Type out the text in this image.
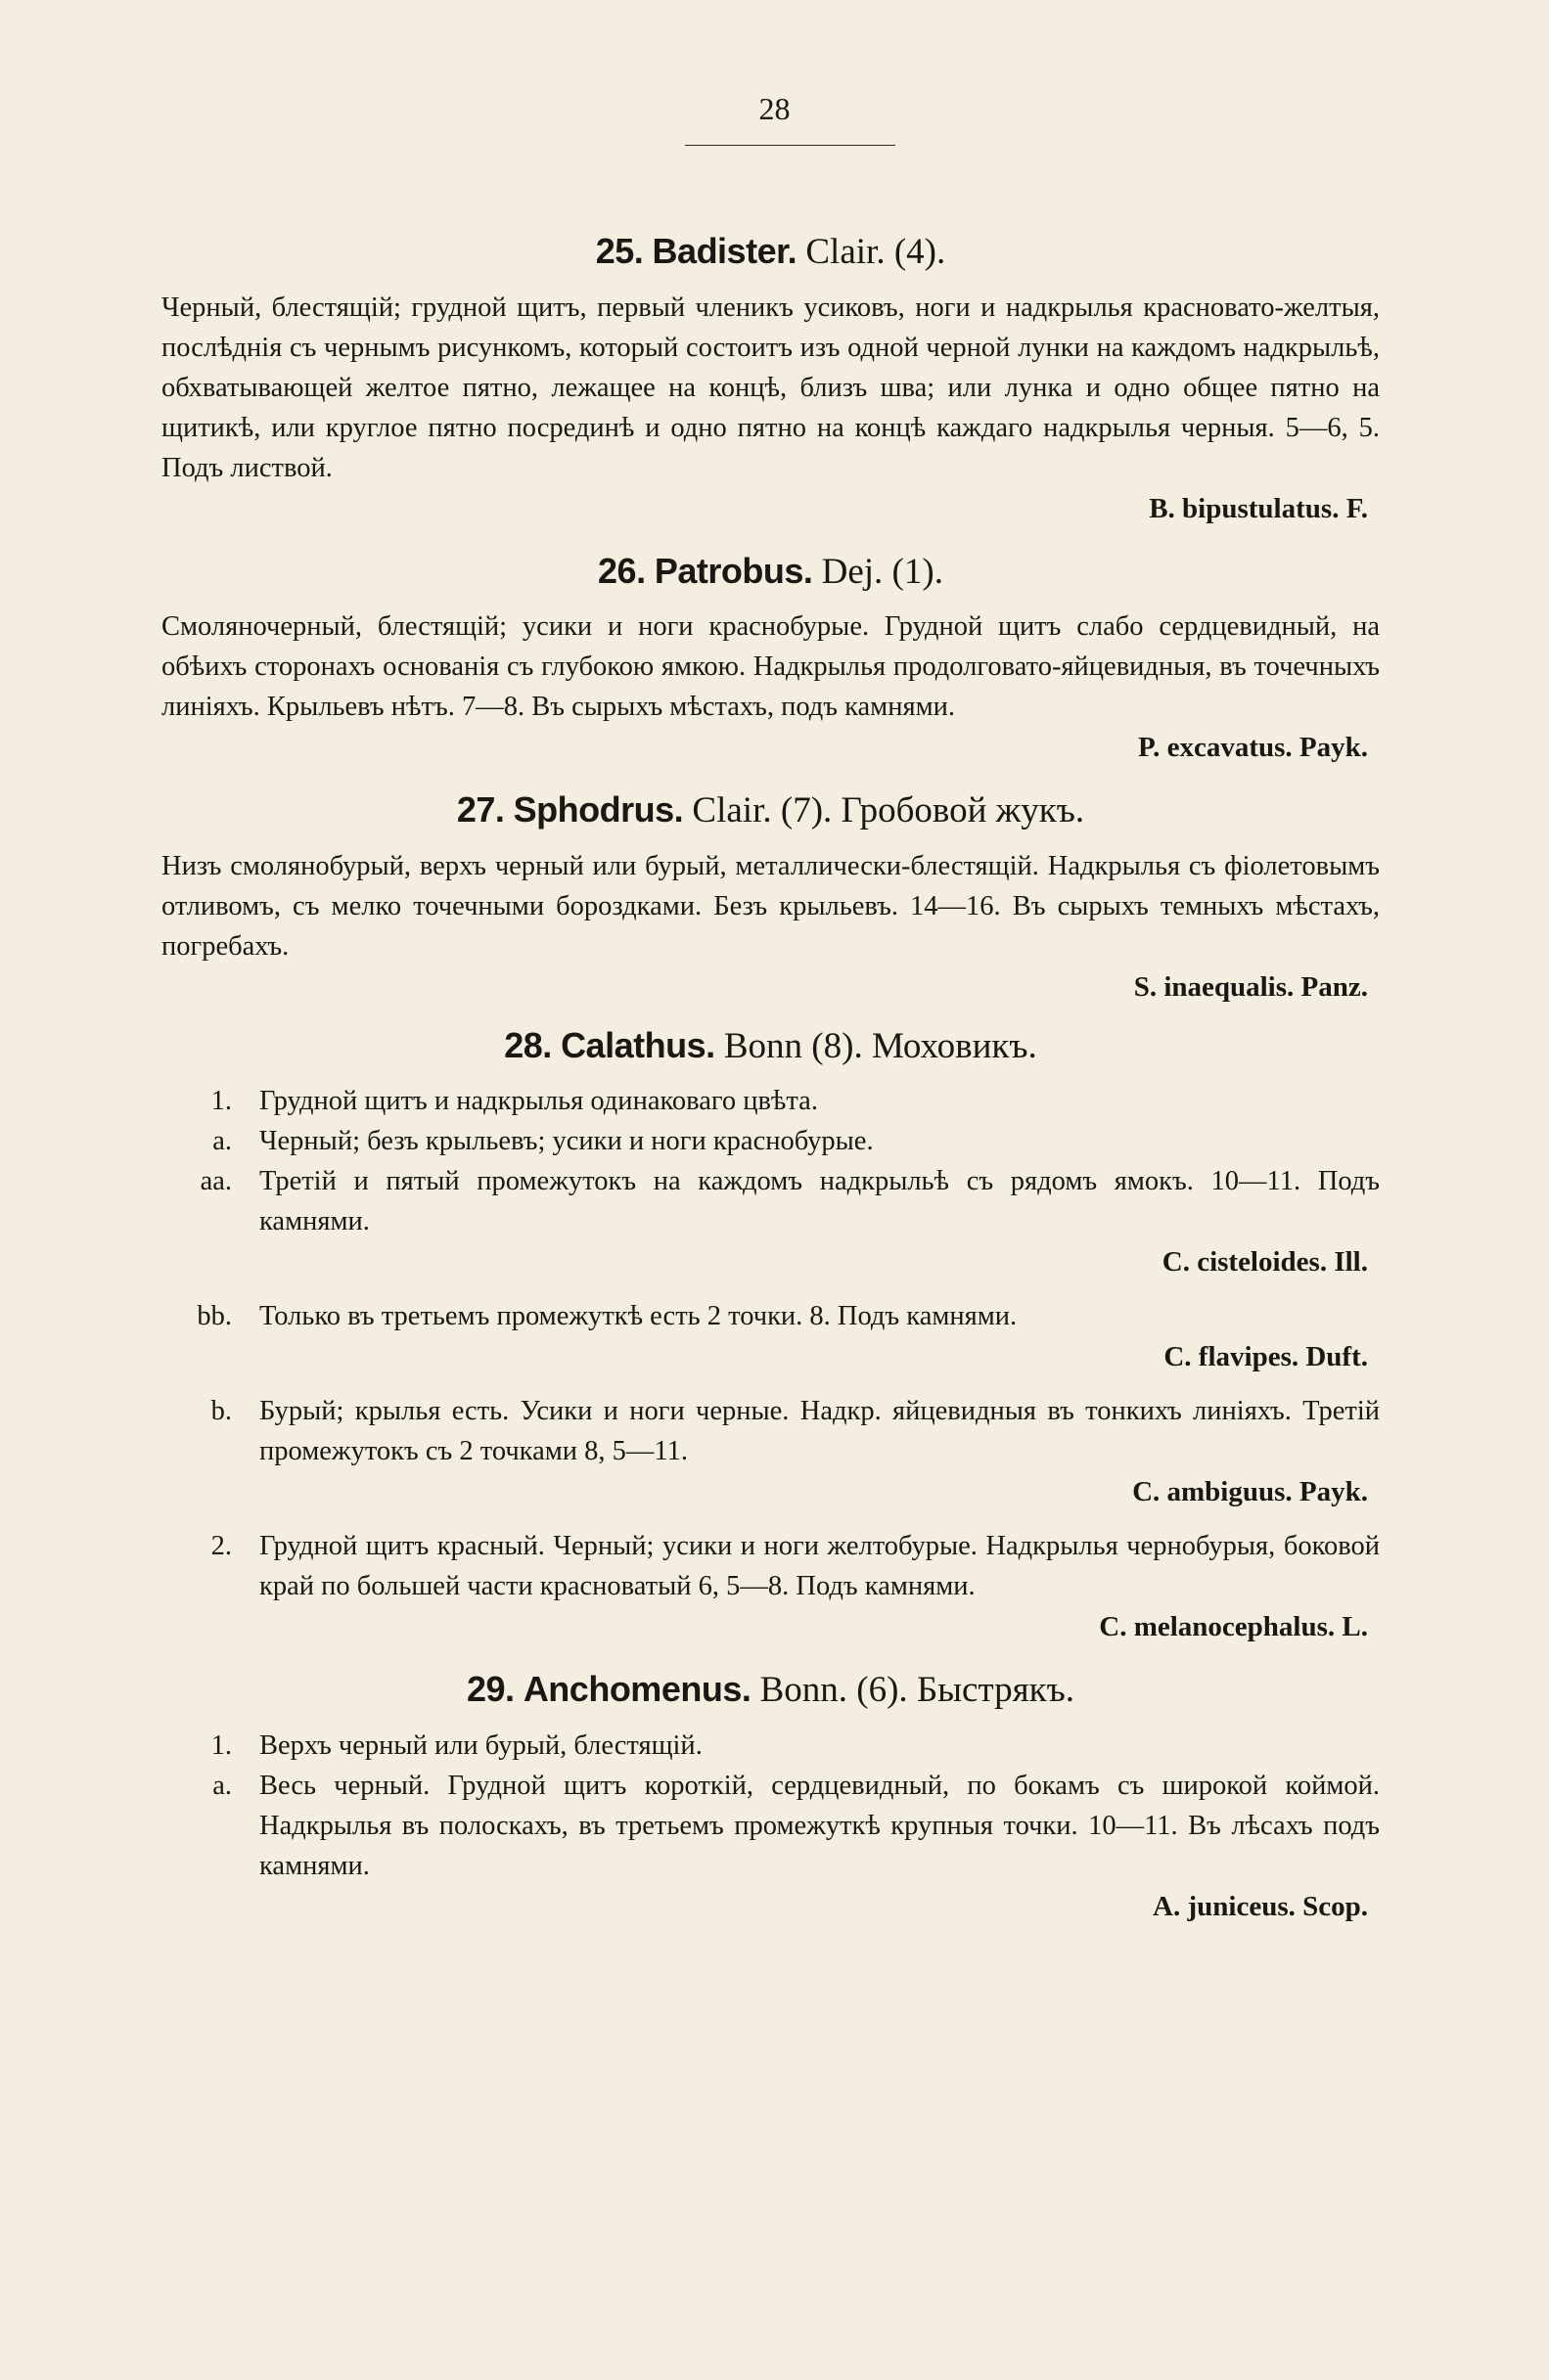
28
25. Badister. Clair. (4).

Черный, блестящій; грудной щитъ, первый членикъ усиковъ, ноги и надкрылья красновато-желтыя, послѣднія съ чернымъ рисункомъ, который состоитъ изъ одной черной лунки на каждомъ надкрыльѣ, обхватывающей желтое пятно, лежащее на концѣ, близъ шва; или лунка и одно общее пятно на щитикѣ, или круглое пятно посрединѣ и одно пятно на концѣ каждаго надкрылья черныя. 5—6, 5. Подъ листвой.

B. bipustulatus. F.
26. Patrobus. Dej. (1).

Смоляночерный, блестящій; усики и ноги краснобурые. Грудной щитъ слабо сердцевидный, на обѣихъ сторонахъ основанія съ глубокою ямкою. Надкрылья продолговато-яйцевидныя, въ точечныхъ линіяхъ. Крыльевъ нѣтъ. 7—8. Въ сырыхъ мѣстахъ, подъ камнями.

P. excavatus. Payk.
27. Sphodrus. Clair. (7). Гробовой жукъ.

Низъ смолянобурый, верхъ черный или бурый, металлически-блестящій. Надкрылья съ фіолетовымъ отливомъ, съ мелко точечными бороздками. Безъ крыльевъ. 14—16. Въ сырыхъ темныхъ мѣстахъ, погребахъ.

S. inaequalis. Panz.
28. Calathus. Bonn (8). Моховикъ.
1. Грудной щитъ и надкрылья одинаковаго цвѣта.
a. Черный; безъ крыльевъ; усики и ноги краснобурые.
aa. Третій и пятый промежутокъ на каждомъ надкрыльѣ съ рядомъ ямокъ. 10—11. Подъ камнями.
C. cisteloides. Ill.
bb. Только въ третьемъ промежуткѣ есть 2 точки. 8. Подъ камнями.
C. flavipes. Duft.
b. Бурый; крылья есть. Усики и ноги черные. Надкр. яйцевидныя въ тонкихъ линіяхъ. Третій промежутокъ съ 2 точками 8, 5—11.
C. ambiguus. Payk.
2. Грудной щитъ красный. Черный; усики и ноги желтобурые. Надкрылья чернобурыя, боковой край по большей части красноватый 6, 5—8. Подъ камнями.
C. melanocephalus. L.
29. Anchomenus. Bonn. (6). Быстрякъ.
1. Верхъ черный или бурый, блестящій.
a. Весь черный. Грудной щитъ короткій, сердцевидный, по бокамъ съ широкой коймой. Надкрылья въ полоскахъ, въ третьемъ промежуткѣ крупныя точки. 10—11. Въ лѣсахъ подъ камнями.
A. juniceus. Scop.
